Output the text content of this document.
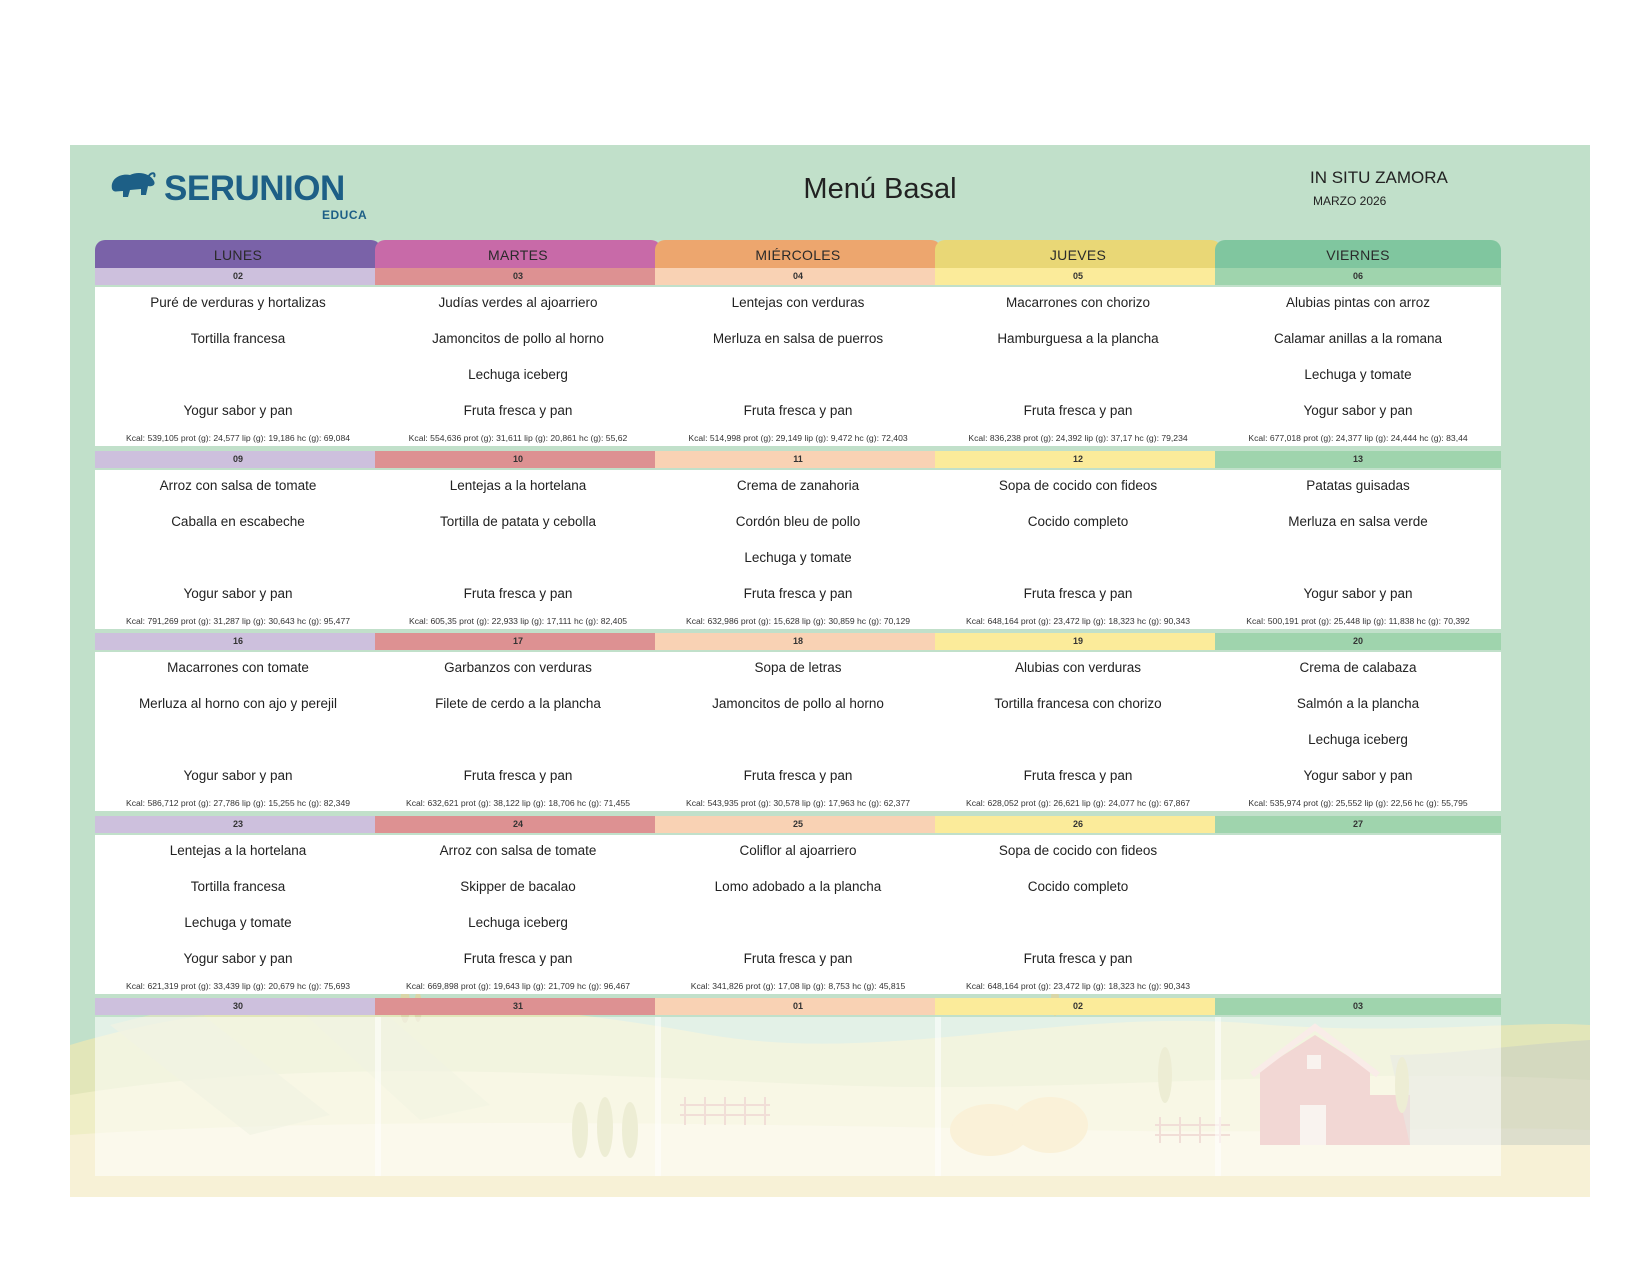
SERUNION
EDUCA
Menú Basal	IN SITU ZAMORA
MARZO 2026
LUNES
02
Puré de verduras y hortalizas
Tortilla francesa
Yogur sabor y pan
Kcal: 539,105 prot (g): 24,577 lip (g): 19,186 hc (g): 69,084
09
Arroz con salsa de tomate
Caballa en escabeche
Yogur sabor y pan
Kcal: 791,269 prot (g): 31,287 lip (g): 30,643 hc (g): 95,477
16
Macarrones con tomate
Merluza al horno con ajo y perejil
Yogur sabor y pan
Kcal: 586,712 prot (g): 27,786 lip (g): 15,255 hc (g): 82,349
23
Lentejas a la hortelana
Tortilla francesa
Lechuga y tomate
Yogur sabor y pan
Kcal: 621,319 prot (g): 33,439 lip (g): 20,679 hc (g): 75,693
30
MARTES
03
Judías verdes al ajoarriero
Jamoncitos de pollo al horno
Lechuga iceberg
Fruta fresca y pan
Kcal: 554,636 prot (g): 31,611 lip (g): 20,861 hc (g): 55,62
10
Lentejas a la hortelana
Tortilla de patata y cebolla
Fruta fresca y pan
Kcal: 605,35 prot (g): 22,933 lip (g): 17,111 hc (g): 82,405
17
Garbanzos con verduras
Filete de cerdo a la plancha
Fruta fresca y pan
Kcal: 632,621 prot (g): 38,122 lip (g): 18,706 hc (g): 71,455
24
Arroz con salsa de tomate
Skipper de bacalao
Lechuga iceberg
Fruta fresca y pan
Kcal: 669,898 prot (g): 19,643 lip (g): 21,709 hc (g): 96,467
31
MIÉRCOLES
04
Lentejas con verduras
Merluza en salsa de puerros
Fruta fresca y pan
Kcal: 514,998 prot (g): 29,149 lip (g): 9,472 hc (g): 72,403
11
Crema de zanahoria
Cordón bleu de pollo
Lechuga y tomate
Fruta fresca y pan
Kcal: 632,986 prot (g): 15,628 lip (g): 30,859 hc (g): 70,129
18
Sopa de letras
Jamoncitos de pollo al horno
Fruta fresca y pan
Kcal: 543,935 prot (g): 30,578 lip (g): 17,963 hc (g): 62,377
25
Coliflor al ajoarriero
Lomo adobado a la plancha
Fruta fresca y pan
Kcal: 341,826 prot (g): 17,08 lip (g): 8,753 hc (g): 45,815
01
JUEVES
05
Macarrones con chorizo
Hamburguesa a la plancha
Fruta fresca y pan
Kcal: 836,238 prot (g): 24,392 lip (g): 37,17 hc (g): 79,234
12
Sopa de cocido con fideos
Cocido completo
Fruta fresca y pan
Kcal: 648,164 prot (g): 23,472 lip (g): 18,323 hc (g): 90,343
19
Alubias con verduras
Tortilla francesa con chorizo
Fruta fresca y pan
Kcal: 628,052 prot (g): 26,621 lip (g): 24,077 hc (g): 67,867
26
Sopa de cocido con fideos
Cocido completo
Fruta fresca y pan
Kcal: 648,164 prot (g): 23,472 lip (g): 18,323 hc (g): 90,343
02
VIERNES
06
Alubias pintas con arroz
Calamar anillas a la romana
Lechuga y tomate
Yogur sabor y pan
Kcal: 677,018 prot (g): 24,377 lip (g): 24,444 hc (g): 83,44
13
Patatas guisadas
Merluza en salsa verde
Yogur sabor y pan
Kcal: 500,191 prot (g): 25,448 lip (g): 11,838 hc (g): 70,392
20
Crema de calabaza
Salmón a la plancha
Lechuga iceberg
Yogur sabor y pan
Kcal: 535,974 prot (g): 25,552 lip (g): 22,56 hc (g): 55,795
27
03
